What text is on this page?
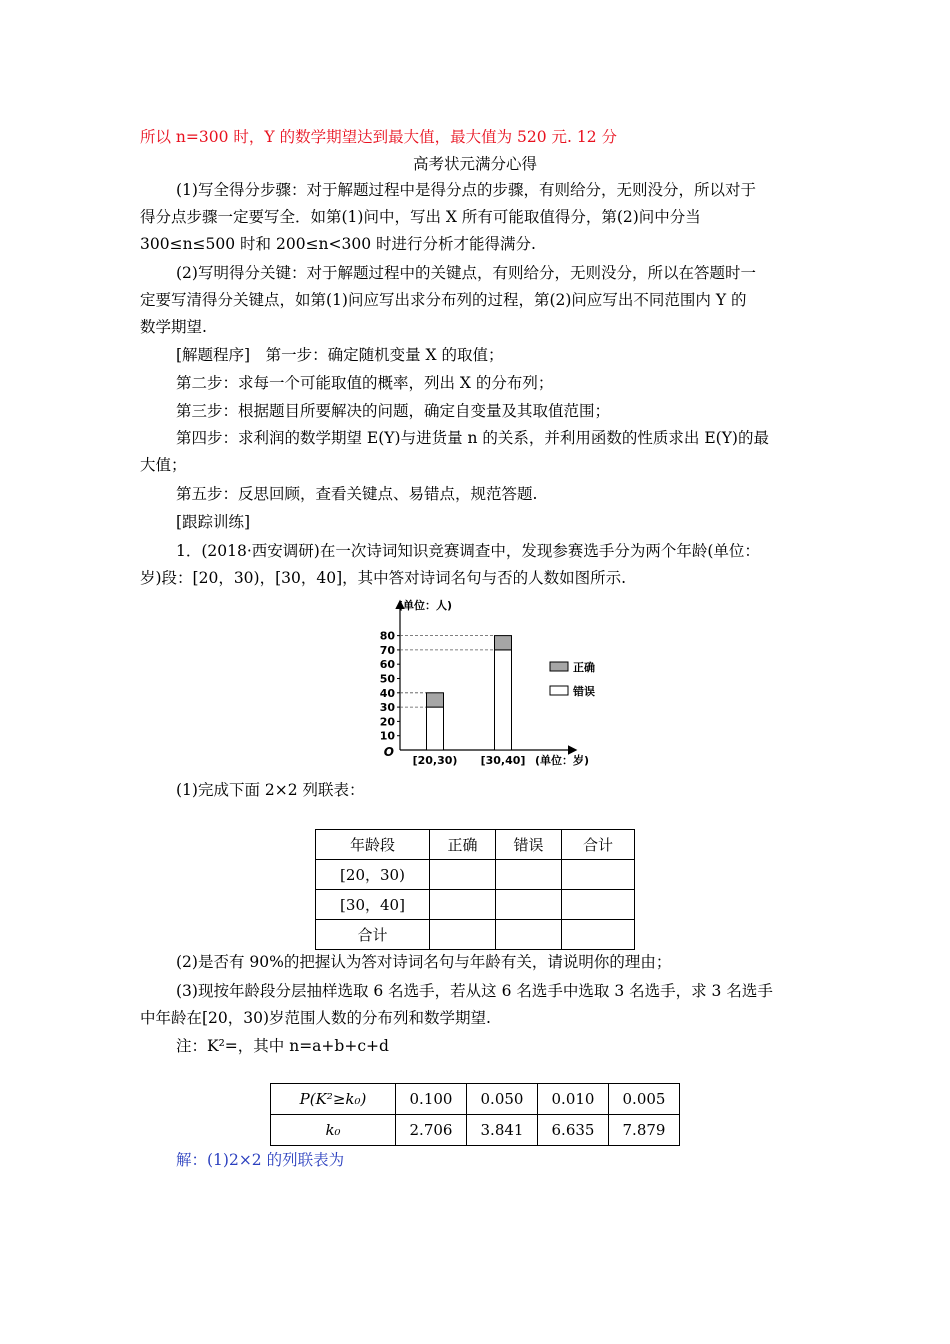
所以 n=300 时，Y 的数学期望达到最大值，最大值为 520 元. 12 分
高考状元满分心得
(1)写全得分步骤：对于解题过程中是得分点的步骤，有则给分，无则没分，所以对于
得分点步骤一定要写全．如第(1)问中，写出 X 所有可能取值得分，第(2)问中分当
300≤n≤500 时和 200≤n<300 时进行分析才能得满分.
(2)写明得分关键：对于解题过程中的关键点，有则给分，无则没分，所以在答题时一
定要写清得分关键点，如第(1)问应写出求分布列的过程，第(2)问应写出不同范围内 Y 的
数学期望.
[解题程序]　第一步：确定随机变量 X 的取值；
第二步：求每一个可能取值的概率，列出 X 的分布列；
第三步：根据题目所要解决的问题，确定自变量及其取值范围；
第四步：求利润的数学期望 E(Y)与进货量 n 的关系，并利用函数的性质求出 E(Y)的最
大值；
第五步：反思回顾，查看关键点、易错点，规范答题.
[跟踪训练]
1．(2018·西安调研)在一次诗词知识竞赛调查中，发现参赛选手分为两个年龄(单位：
岁)段：[20，30)，[30，40]，其中答对诗词名句与否的人数如图所示.
10
20
30
40
50
60
70
80
O
(单位：人)
(单位：岁)
[20,30) [30,40]
正确
错误
(1)完成下面 2×2 列联表：
年龄段	正确	错误	合计
[20，30)			
[30，40]			
合计			
(2)是否有 90%的把握认为答对诗词名句与年龄有关，请说明你的理由；
(3)现按年龄段分层抽样选取 6 名选手，若从这 6 名选手中选取 3 名选手，求 3 名选手
中年龄在[20，30)岁范围人数的分布列和数学期望.
注：K²=，其中 n=a+b+c+d
P(K²≥k₀)	0.100	0.050	0.010	0.005
k₀	2.706	3.841	6.635	7.879
解：(1)2×2 的列联表为
